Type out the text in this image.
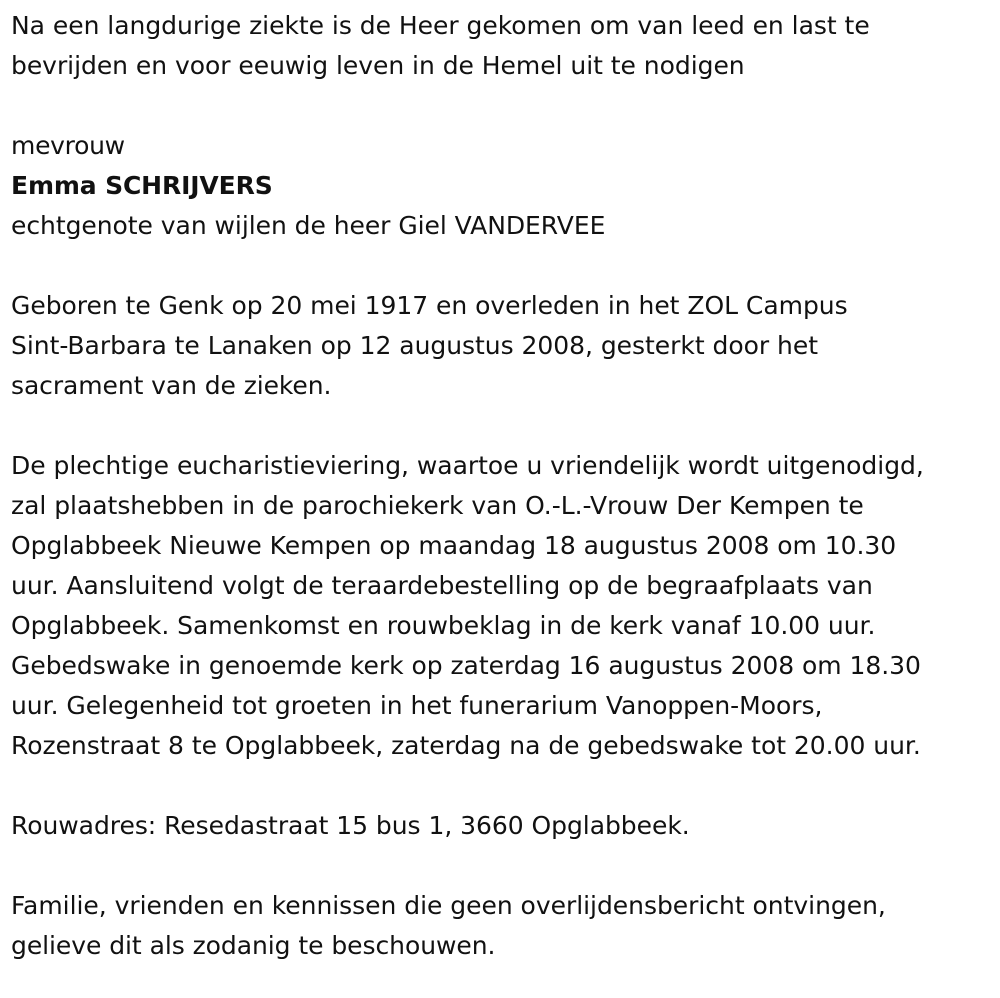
Na een langdurige ziekte is de Heer gekomen om van leed en last te
bevrijden en voor eeuwig leven in de Hemel uit te nodigen

mevrouw

Emma SCHRIJVERS

echtgenote van wijlen de heer Giel VANDERVEE

Geboren te Genk op 20 mei 1917 en overleden in het ZOL Campus
Sint-Barbara te Lanaken op 12 augustus 2008, gesterkt door het
sacrament van de zieken.

De plechtige eucharistieviering, waartoe u vriendelijk wordt uitgenodigd,
zal plaatshebben in de parochiekerk van O.-L.-Vrouw Der Kempen te
Opglabbeek Nieuwe Kempen op maandag 18 augustus 2008 om 10.30
uur. Aansluitend volgt de teraardebestelling op de begraafplaats van
Opglabbeek. Samenkomst en rouwbeklag in de kerk vanaf 10.00 uur.
Gebedswake in genoemde kerk op zaterdag 16 augustus 2008 om 18.30
uur. Gelegenheid tot groeten in het funerarium Vanoppen-Moors,
Rozenstraat 8 te Opglabbeek, zaterdag na de gebedswake tot 20.00 uur.

Rouwadres: Resedastraat 15 bus 1, 3660 Opglabbeek.

Familie, vrienden en kennissen die geen overlijdensbericht ontvingen,
gelieve dit als zodanig te beschouwen.
